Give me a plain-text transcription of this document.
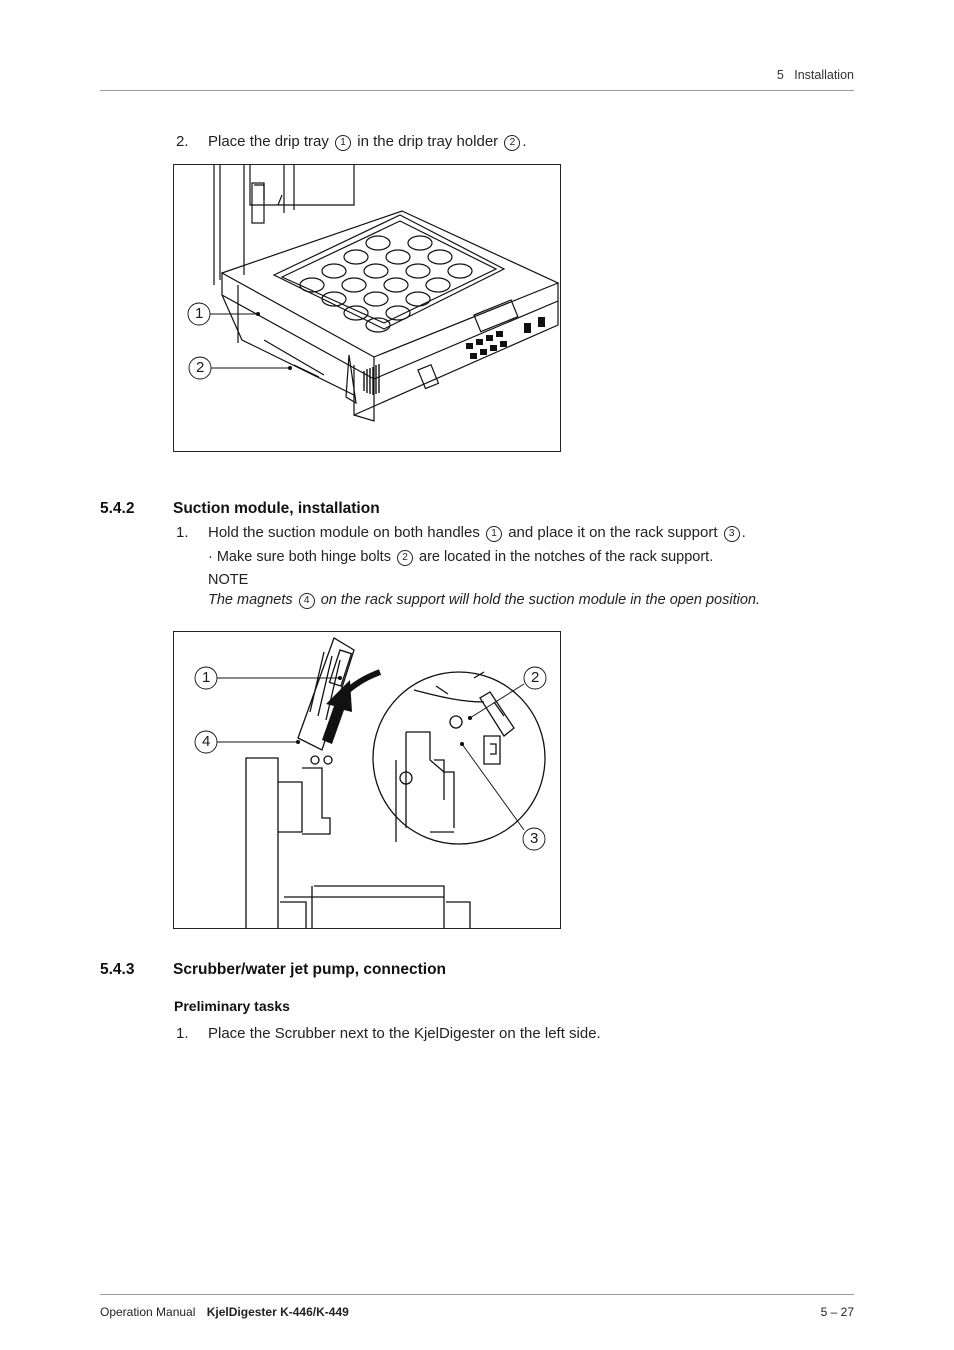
5   Installation
2. Place the drip tray 1 in the drip tray holder 2 .
1
2
5.4.2 Suction module, installation
1. Hold the suction module on both handles 1 and place it on the rack support 3 .
· Make sure both hinge bolts 2 are located in the notches of the rack support.
NOTE
The magnets 4 on the rack support will hold the suction module in the open position.
1
4
2
3
5.4.3 Scrubber/water jet pump, connection
Preliminary tasks
1. Place the Scrubber next to the KjelDigester on the left side.
Operation Manual KjelDigester K-446/K-449	5 – 27
